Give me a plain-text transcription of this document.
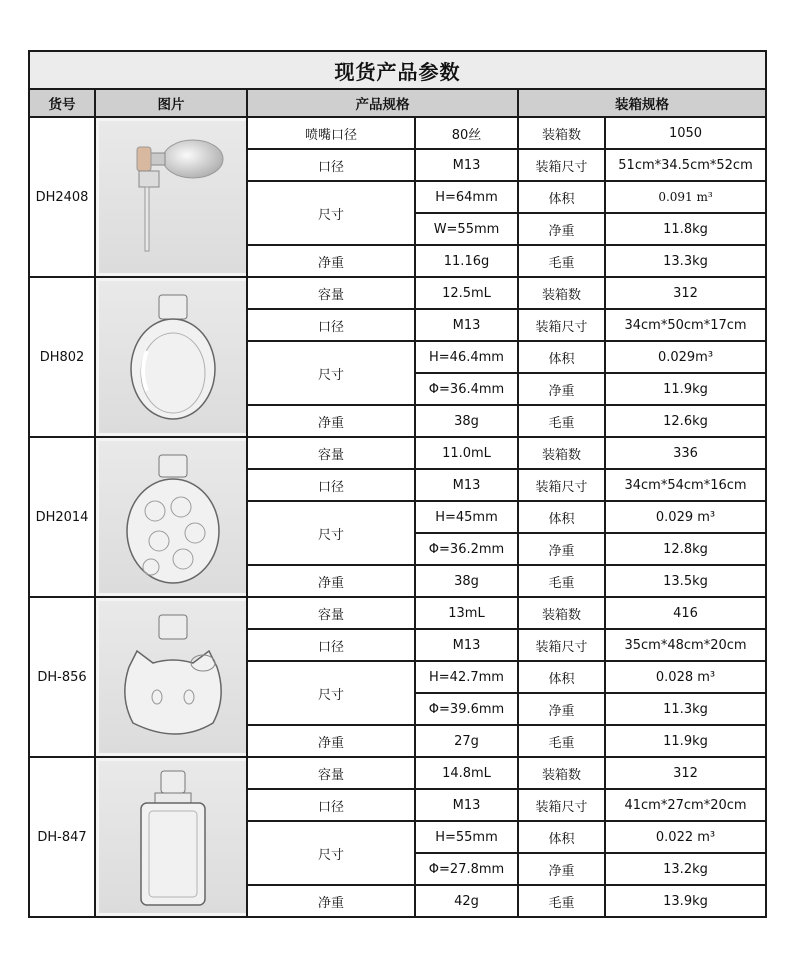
现货产品参数					
货号	图片	产品规格		装箱规格	
DH2408		喷嘴口径	80丝	装箱数	1050
		口径	M13	装箱尺寸	51cm*34.5cm*52cm
		尺寸	H=64mm	体积	0.091 m³
			W=55mm	净重	11.8kg
		净重	11.16g	毛重	13.3kg
DH802		容量	12.5mL	装箱数	312
		口径	M13	装箱尺寸	34cm*50cm*17cm
		尺寸	H=46.4mm	体积	0.029m³
			Φ=36.4mm	净重	11.9kg
		净重	38g	毛重	12.6kg
DH2014		容量	11.0mL	装箱数	336
		口径	M13	装箱尺寸	34cm*54cm*16cm
		尺寸	H=45mm	体积	0.029 m³
			Φ=36.2mm	净重	12.8kg
		净重	38g	毛重	13.5kg
DH-856		容量	13mL	装箱数	416
		口径	M13	装箱尺寸	35cm*48cm*20cm
		尺寸	H=42.7mm	体积	0.028 m³
			Φ=39.6mm	净重	11.3kg
		净重	27g	毛重	11.9kg
DH-847		容量	14.8mL	装箱数	312
		口径	M13	装箱尺寸	41cm*27cm*20cm
		尺寸	H=55mm	体积	0.022 m³
			Φ=27.8mm	净重	13.2kg
		净重	42g	毛重	13.9kg
